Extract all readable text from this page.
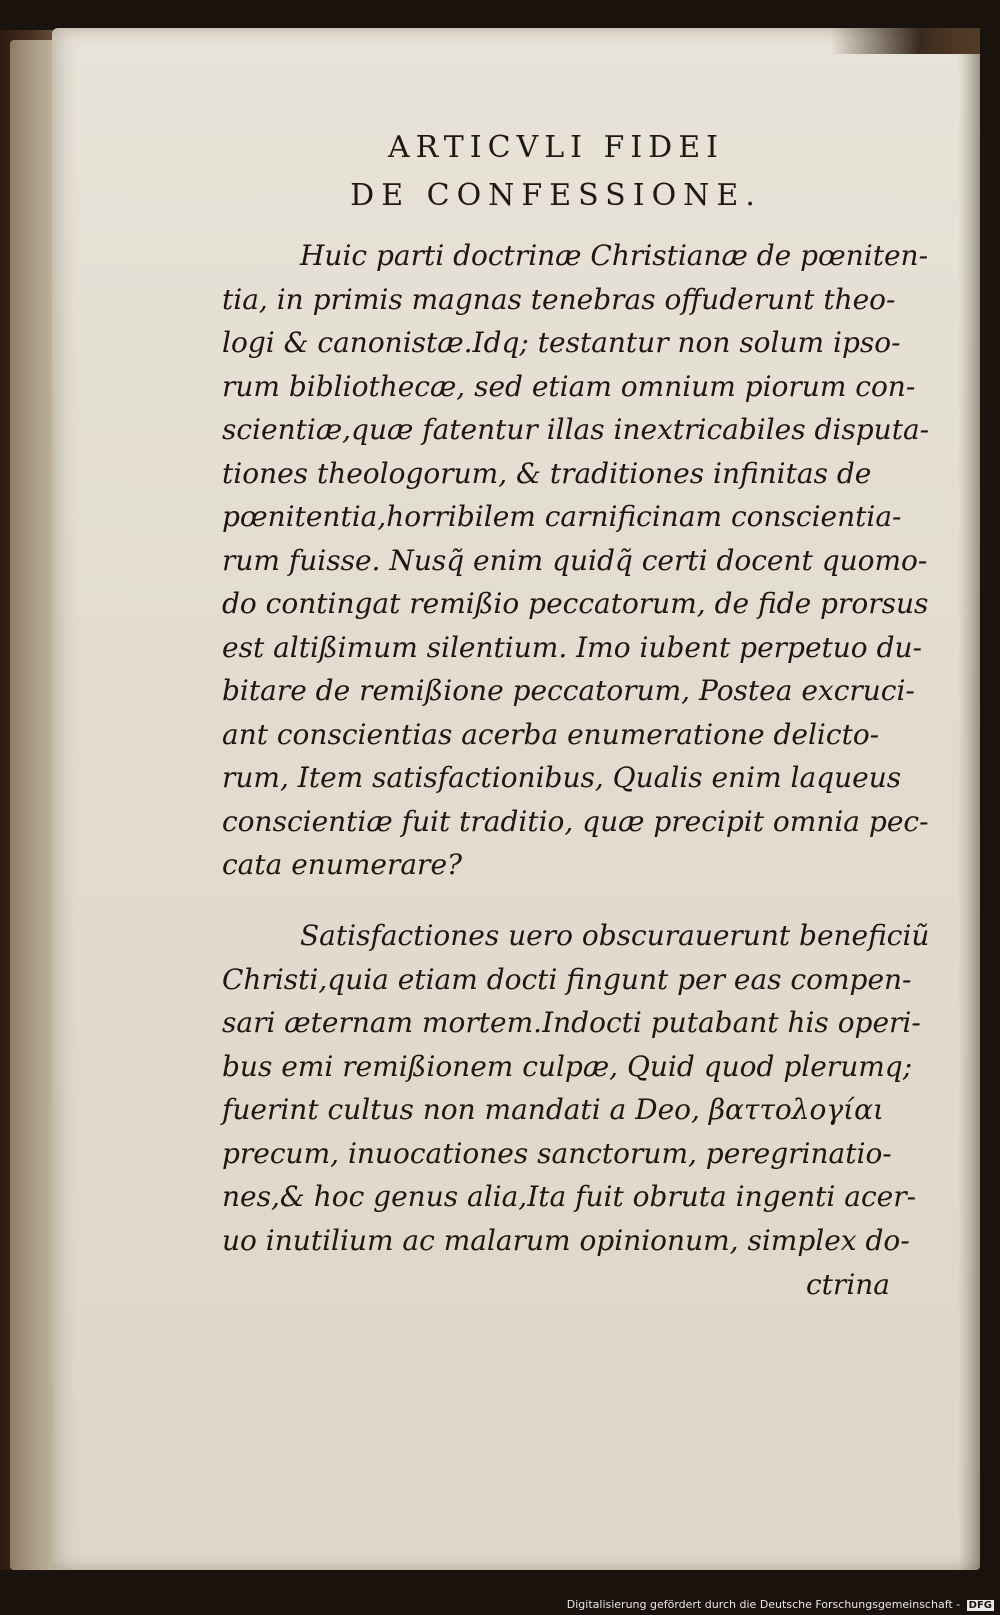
ARTICVLI FIDEI
DE CONFESSIONE.
Huic parti doctrinæ Christianæ de pœniten-
tia, in primis magnas tenebras offuderunt theo-
logi & canonistæ.Idq; testantur non solum ipso-
rum bibliothecæ, sed etiam omnium piorum con-
scientiæ,quæ fatentur illas inextricabiles disputa-
tiones theologorum, & traditiones infinitas de
pœnitentia,horribilem carnificinam conscientia-
rum fuisse. Nusq̃ enim quidq̃ certi docent quomo-
do contingat remißio peccatorum, de fide prorsus
est altißimum silentium. Imo iubent perpetuo du-
bitare de remißione peccatorum, Postea excruci-
ant conscientias acerba enumeratione delicto-
rum, Item satisfactionibus, Qualis enim laqueus
conscientiæ fuit traditio, quæ precipit omnia pec-
cata enumerare?
Satisfactiones uero obscurauerunt beneficiũ
Christi,quia etiam docti fingunt per eas compen-
sari æternam mortem.Indocti putabant his operi-
bus emi remißionem culpæ, Quid quod plerumq;
fuerint cultus non mandati a Deo, βαττολογίαι
precum, inuocationes sanctorum, peregrinatio-
nes,& hoc genus alia,Ita fuit obruta ingenti acer-
uo inutilium ac malarum opinionum, simplex do-
ctrina
Digitalisierung gefördert durch die Deutsche Forschungsgemeinschaft - DFG
